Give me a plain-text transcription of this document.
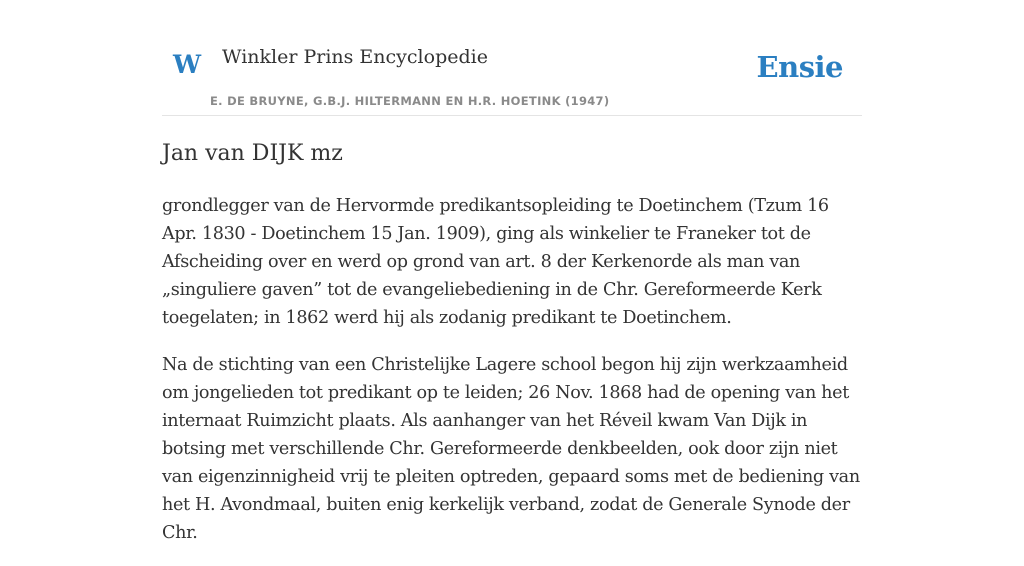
W Winkler Prins Encyclopedie
E. DE BRUYNE, G.B.J. HILTERMANN EN H.R. HOETINK (1947)
Ensie
Jan van DIJK mz

grondlegger van de Hervormde predikantsopleiding te Doetinchem (Tzum 16 Apr. 1830 - Doetinchem 15 Jan. 1909), ging als winkelier te Franeker tot de Afscheiding over en werd op grond van art. 8 der Kerkenorde als man van „singuliere gaven” tot de evangeliebediening in de Chr. Gereformeerde Kerk toegelaten; in 1862 werd hij als zodanig predikant te Doetinchem.

Na de stichting van een Christelijke Lagere school begon hij zijn werkzaamheid om jongelieden tot predikant op te leiden; 26 Nov. 1868 had de opening van het internaat Ruimzicht plaats. Als aanhanger van het Réveil kwam Van Dijk in botsing met verschillende Chr. Gereformeerde denkbeelden, ook door zijn niet van eigenzinnigheid vrij te pleiten optreden, gepaard soms met de bediening van het H. Avondmaal, buiten enig kerkelijk verband, zodat de Generale Synode der Chr.
